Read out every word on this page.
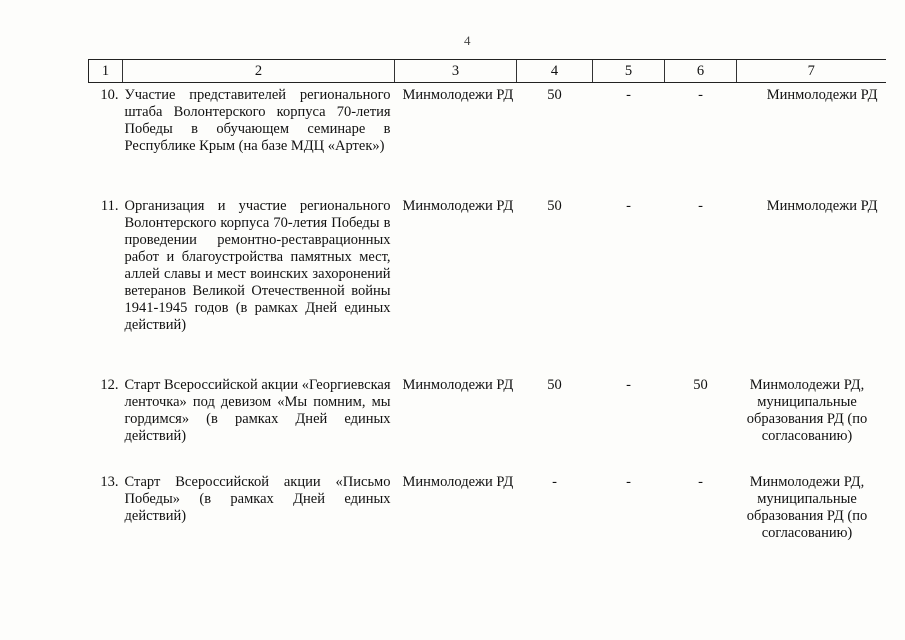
4
1	2	3	4	5	6	7
10.	Участие представителей регионального штаба Волонтерского корпуса 70-летия Победы в обучающем семинаре в Республике Крым (на базе МДЦ «Артек»)	Минмолодежи РД	50	-	-	Минмолодежи РД
11.	Организация и участие регионального Волонтерского корпуса 70-летия Победы в проведении ремонтно-реставрационных работ и благоустройства памятных мест, аллей славы и мест воинских захоронений ветеранов Великой Отечественной войны 1941-1945 годов (в рамках Дней единых действий)	Минмолодежи РД	50	-	-	Минмолодежи РД
12.	Старт Всероссийской акции «Георгиевская ленточка» под девизом «Мы помним, мы гордимся» (в рамках Дней единых действий)	Минмолодежи РД	50	-	50	Минмолодежи РД, муниципальные образования РД (по согласованию)
13.	Старт Всероссийской акции «Письмо Победы» (в рамках Дней единых действий)	Минмолодежи РД	-	-	-	Минмолодежи РД, муниципальные образования РД (по согласованию)
